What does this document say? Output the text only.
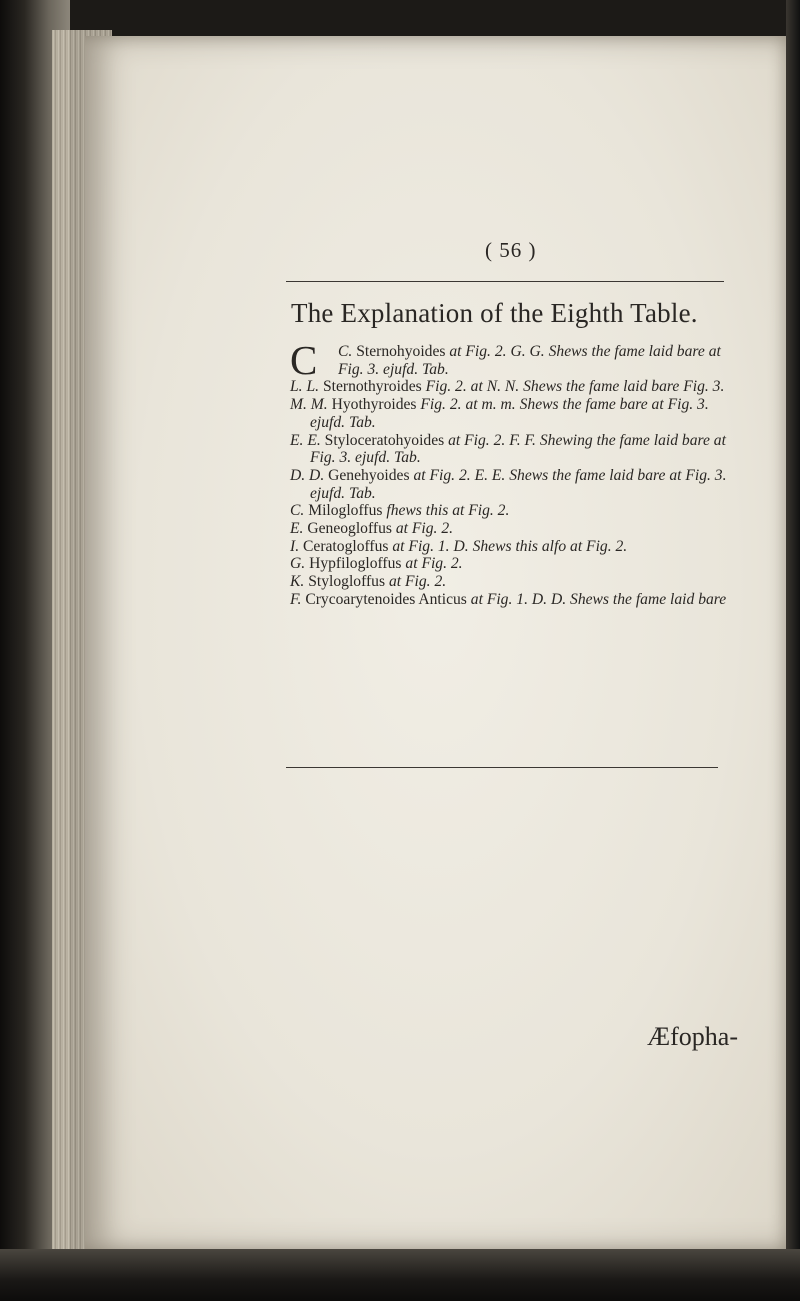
( 56 )
The Explanation of the Eighth Table.

C C. Sternohyoides at Fig. 2. G. G. Shews the fame laid bare at Fig. 3. ejufd. Tab.

L. L. Sternothyroides Fig. 2. at N. N. Shews the fame laid bare Fig. 3.

M. M. Hyothyroides Fig. 2. at m. m. Shews the fame bare at Fig. 3. ejufd. Tab.

E. E. Styloceratohyoides at Fig. 2. F. F. Shewing the fame laid bare at Fig. 3. ejufd. Tab.

D. D. Genehyoides at Fig. 2. E. E. Shews the fame laid bare at Fig. 3. ejufd. Tab.

C. Milogloffus fhews this at Fig. 2.

E. Geneogloffus at Fig. 2.

I. Ceratogloffus at Fig. 1. D. Shews this alfo at Fig. 2.

G. Hypfilogloffus at Fig. 2.

K. Stylogloffus at Fig. 2.

F. Crycoarytenoides Anticus at Fig. 1. D. D. Shews the fame laid bare

Æfopha-
